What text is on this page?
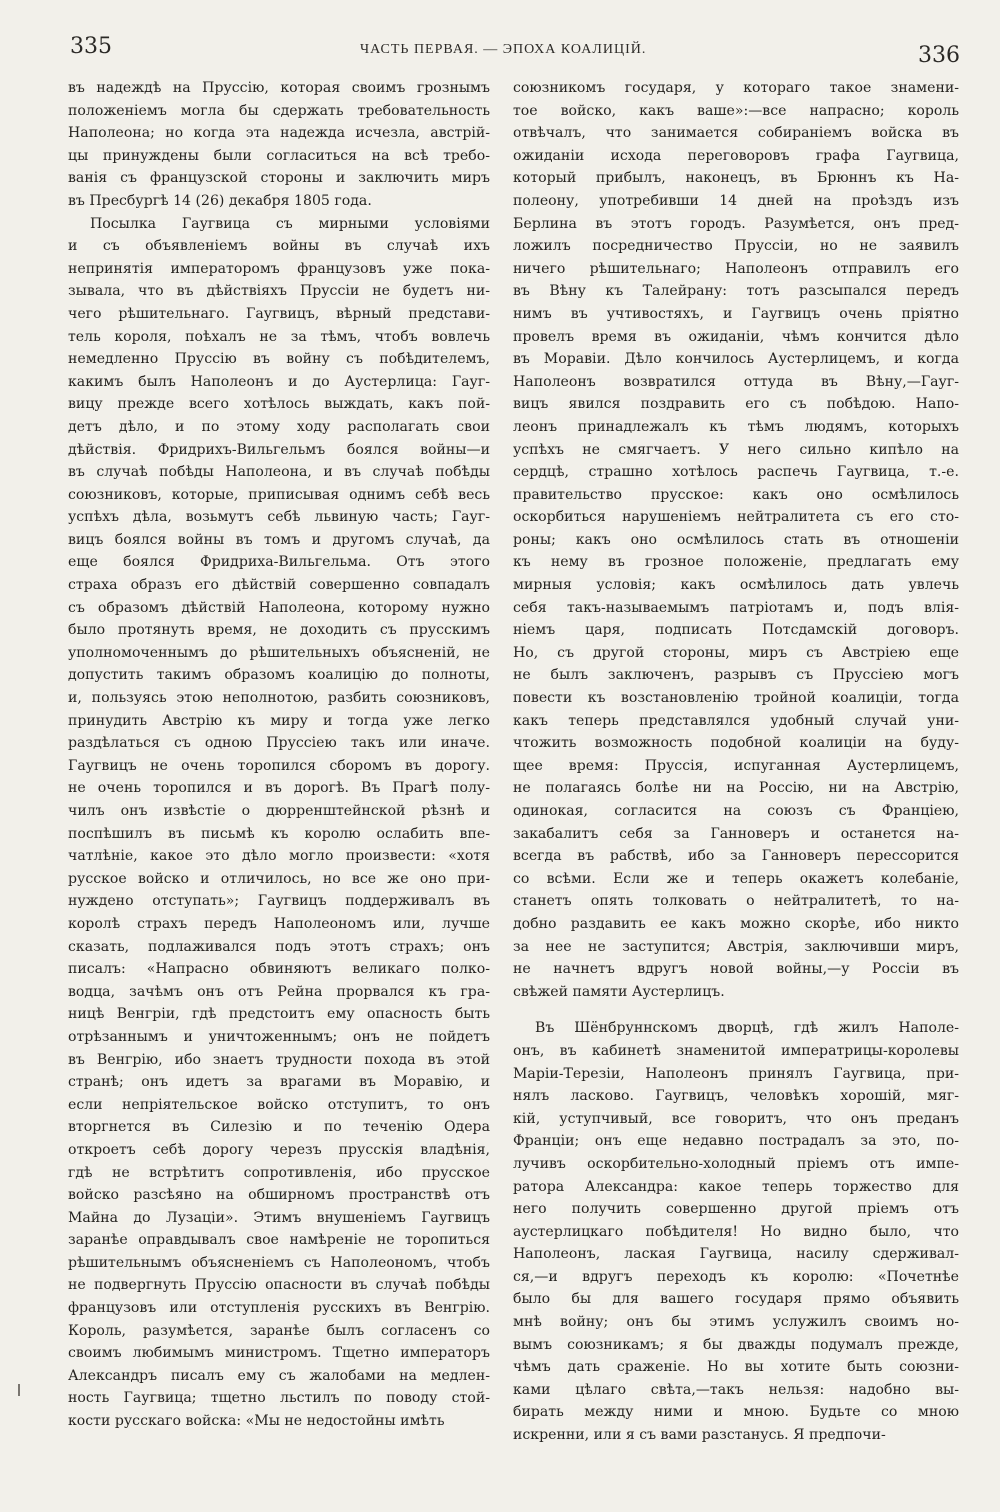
335	ЧАСТЬ ПЕРВАЯ. — ЭПОХА КОАЛИЦІЙ.	336
въ надеждѣ на Пруссію, которая своимъ грознымъ
положеніемъ могла бы сдержать требовательность
Наполеона; но когда эта надежда исчезла, австрій-
цы принуждены были согласиться на всѣ требо-
ванія съ французской стороны и заключить миръ
въ Пресбургѣ 14 (26) декабря 1805 года.
Посылка Гаугвица съ мирными условіями
и съ объявленіемъ войны въ случаѣ ихъ
непринятія императоромъ французовъ уже пока-
зывала, что въ дѣйствіяхъ Пруссіи не будетъ ни-
чего рѣшительнаго. Гаугвицъ, вѣрный представи-
тель короля, поѣхалъ не за тѣмъ, чтобъ вовлечь
немедленно Пруссію въ войну съ побѣдителемъ,
какимъ былъ Наполеонъ и до Аустерлица: Гауг-
вицу прежде всего хотѣлось выждать, какъ пой-
детъ дѣло, и по этому ходу располагать свои
дѣйствія. Фридрихъ-Вильгельмъ боялся войны—и
въ случаѣ побѣды Наполеона, и въ случаѣ побѣды
союзниковъ, которые, приписывая однимъ себѣ весь
успѣхъ дѣла, возьмутъ себѣ львиную часть; Гауг-
вицъ боялся войны въ томъ и другомъ случаѣ, да
еще боялся Фридриха-Вильгельма. Отъ этого
страха образъ его дѣйствій совершенно совпадалъ
съ образомъ дѣйствій Наполеона, которому нужно
было протянуть время, не доходить съ прусскимъ
уполномоченнымъ до рѣшительныхъ объясненій, не
допустить такимъ образомъ коалицію до полноты,
и, пользуясь этою неполнотою, разбить союзниковъ,
принудить Австрію къ миру и тогда уже легко
раздѣлаться съ одною Пруссіею такъ или иначе.
Гаугвицъ не очень торопился сборомъ въ дорогу.
не очень торопился и въ дорогѣ. Въ Прагѣ полу-
чилъ онъ извѣстіе о дюрренштейнской рѣзнѣ и
поспѣшилъ въ письмѣ къ королю ослабить впе-
чатлѣніе, какое это дѣло могло произвести: «хотя
русское войско и отличилось, но все же оно при-
нуждено отступать»; Гаугвицъ поддерживалъ въ
королѣ страхъ передъ Наполеономъ или, лучше
сказать, подлаживался подъ этотъ страхъ; онъ
писалъ: «Напрасно обвиняютъ великаго полко-
водца, зачѣмъ онъ отъ Рейна прорвался къ гра-
ницѣ Венгріи, гдѣ предстоитъ ему опасность быть
отрѣзаннымъ и уничтоженнымъ; онъ не пойдетъ
въ Венгрію, ибо знаетъ трудности похода въ этой
странѣ; онъ идетъ за врагами въ Моравію, и
если непріятельское войско отступитъ, то онъ
вторгнется въ Силезію и по теченію Одера
откроетъ себѣ дорогу черезъ прусскія владѣнія,
гдѣ не встрѣтитъ сопротивленія, ибо прусское
войско разсѣяно на обширномъ пространствѣ отъ
Майна до Лузаціи». Этимъ внушеніемъ Гаугвицъ
заранѣе оправдывалъ свое намѣреніе не торопиться
рѣшительнымъ объясненіемъ съ Наполеономъ, чтобъ
не подвергнуть Пруссію опасности въ случаѣ побѣды
французовъ или отступленія русскихъ въ Венгрію.
Король, разумѣется, заранѣе былъ согласенъ со
своимъ любимымъ министромъ. Тщетно императоръ
Александръ писалъ ему съ жалобами на медлен-
ность Гаугвица; тщетно льстилъ по поводу стой-
кости русскаго войска: «Мы не недостойны имѣть
союзникомъ государя, у котораго такое знамени-
тое войско, какъ ваше»:—все напрасно; король
отвѣчалъ, что занимается собираніемъ войска въ
ожиданіи исхода переговоровъ графа Гаугвица,
который прибылъ, наконецъ, въ Брюннъ къ На-
полеону, употребивши 14 дней на проѣздъ изъ
Берлина въ этотъ городъ. Разумѣется, онъ пред-
ложилъ посредничество Пруссіи, но не заявилъ
ничего рѣшительнаго; Наполеонъ отправилъ его
въ Вѣну къ Талейрану: тотъ разсыпался передъ
нимъ въ учтивостяхъ, и Гаугвицъ очень пріятно
провелъ время въ ожиданіи, чѣмъ кончится дѣло
въ Моравіи. Дѣло кончилось Аустерлицемъ, и когда
Наполеонъ возвратился оттуда въ Вѣну,—Гауг-
вицъ явился поздравить его съ побѣдою. Напо-
леонъ принадлежалъ къ тѣмъ людямъ, которыхъ
успѣхъ не смягчаетъ. У него сильно кипѣло на
сердцѣ, страшно хотѣлось распечь Гаугвица, т.-е.
правительство прусское: какъ оно осмѣлилось
оскорбиться нарушеніемъ нейтралитета съ его сто-
роны; какъ оно осмѣлилось стать въ отношеніи
къ нему въ грозное положеніе, предлагать ему
мирныя условія; какъ осмѣлилось дать увлечь
себя такъ-называемымъ патріотамъ и, подъ влія-
ніемъ царя, подписать Потсдамскій договоръ.
Но, съ другой стороны, миръ съ Австріею еще
не былъ заключенъ, разрывъ съ Пруссіею могъ
повести къ возстановленію тройной коалиціи, тогда
какъ теперь представлялся удобный случай уни-
чтожить возможность подобной коалиціи на буду-
щее время: Пруссія, испуганная Аустерлицемъ,
не полагаясь болѣе ни на Россію, ни на Австрію,
одинокая, согласится на союзъ съ Франціею,
закабалитъ себя за Ганноверъ и останется на-
всегда въ рабствѣ, ибо за Ганноверъ перессорится
со всѣми. Если же и теперь окажетъ колебаніе,
станетъ опять толковать о нейтралитетѣ, то на-
добно раздавить ее какъ можно скорѣе, ибо никто
за нее не заступится; Австрія, заключивши миръ,
не начнетъ вдругъ новой войны,—у Россіи въ
свѣжей памяти Аустерлицъ.
Въ Шёнбруннскомъ дворцѣ, гдѣ жилъ Наполе-
онъ, въ кабинетѣ знаменитой императрицы-королевы
Маріи-Терезіи, Наполеонъ принялъ Гаугвица, при-
нялъ ласково. Гаугвицъ, человѣкъ хорошій, мяг-
кій, уступчивый, все говоритъ, что онъ преданъ
Франціи; онъ еще недавно пострадалъ за это, по-
лучивъ оскорбительно-холодный пріемъ отъ импе-
ратора Александра: какое теперь торжество для
него получить совершенно другой пріемъ отъ
аустерлицкаго побѣдителя! Но видно было, что
Наполеонъ, лаская Гаугвица, насилу сдерживал-
ся,—и вдругъ переходъ къ королю: «Почетнѣе
было бы для вашего государя прямо объявить
мнѣ войну; онъ бы этимъ услужилъ своимъ но-
вымъ союзникамъ; я бы дважды подумалъ прежде,
чѣмъ дать сраженіе. Но вы хотите быть союзни-
ками цѣлаго свѣта,—такъ нельзя: надобно вы-
бирать между ними и мною. Будьте со мною
искренни, или я съ вами разстанусь. Я предпочи-
